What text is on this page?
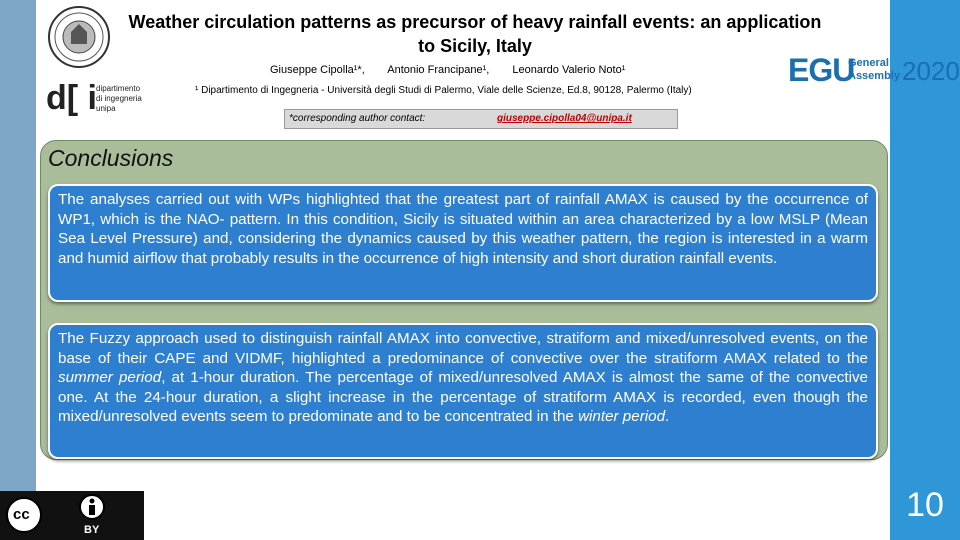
10
d[ i dipartimento
di ingegneria
unipa
EGU
General
Assembly 2020
Weather circulation patterns as precursor of heavy rainfall events: an application to Sicily, Italy
Giuseppe Cipolla¹*, Antonio Francipane¹, Leonardo Valerio Noto¹
¹ Dipartimento di Ingegneria - Università degli Studi di Palermo, Viale delle Scienze, Ed.8, 90128, Palermo (Italy)
*corresponding author contact:	giuseppe.cipolla04@unipa.it
Conclusions
The analyses carried out with WPs highlighted that the greatest part of rainfall AMAX is caused by the occurrence of WP1, which is the NAO- pattern. In this condition, Sicily is situated within an area characterized by a low MSLP (Mean Sea Level Pressure) and, considering the dynamics caused by this weather pattern, the region is interested in a warm and humid airflow that probably results in the occurrence of high intensity and short duration rainfall events.
The Fuzzy approach used to distinguish rainfall AMAX into convective, stratiform and mixed/unresolved events, on the base of their CAPE and VIDMF, highlighted a predominance of convective over the stratiform AMAX related to the summer period, at 1-hour duration. The percentage of mixed/unresolved AMAX is almost the same of the convective one. At the 24-hour duration, a slight increase in the percentage of stratiform AMAX is recorded, even though the mixed/unresolved events seem to predominate and to be concentrated in the winter period.
cc
BY
